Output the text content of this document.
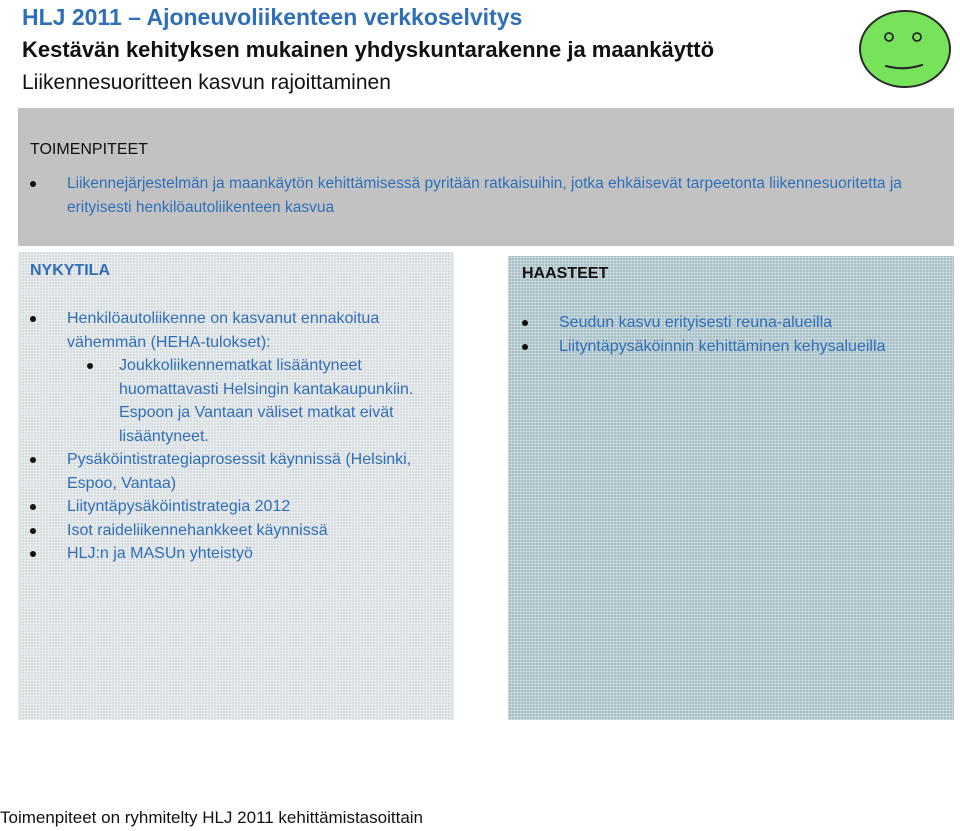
HLJ 2011 – Ajoneuvoliikenteen verkkoselvitys
Kestävän kehityksen mukainen yhdyskuntarakenne ja maankäyttö
Liikennesuoritteen kasvun rajoittaminen
TOIMENPITEET
Liikennejärjestelmän ja maankäytön kehittämisessä pyritään ratkaisuihin, jotka ehkäisevät tarpeetonta liikennesuoritetta ja erityisesti henkilöautoliikenteen kasvua
NYKYTILA
Henkilöautoliikenne on kasvanut ennakoitua vähemmän (HEHA-tulokset):
Joukkoliikennematkat lisääntyneet huomattavasti Helsingin kantakaupunkiin. Espoon ja Vantaan väliset matkat eivät lisääntyneet.
Pysäköintistrategiaprosessit käynnissä (Helsinki, Espoo, Vantaa)
Liityntäpysäköintistrategia 2012
Isot raideliikennehankkeet käynnissä
HLJ:n ja MASUn yhteistyö
HAASTEET
Seudun kasvu erityisesti reuna-alueilla
Liityntäpysäköinnin kehittäminen kehysalueilla
Toimenpiteet on ryhmitelty HLJ 2011 kehittämistasoittain
